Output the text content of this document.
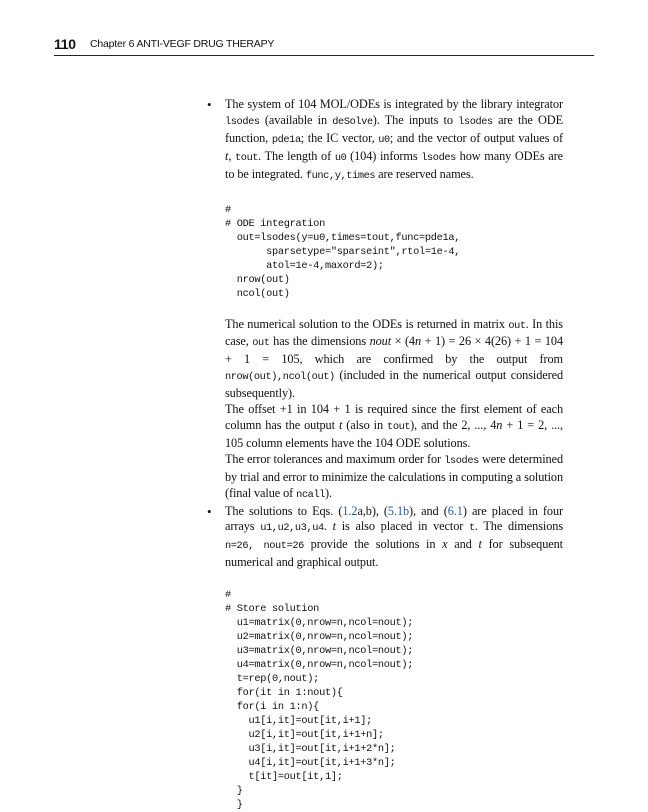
110 Chapter 6 ANTI-VEGF DRUG THERAPY
• The system of 104 MOL/ODEs is integrated by the library integrator lsodes (available in deSolve). The inputs to lsodes are the ODE function, pde1a; the IC vector, u0; and the vector of output values of t, tout. The length of u0 (104) informs lsodes how many ODEs are to be integrated. func,y,times are reserved names.

#
# ODE integration
out=lsodes(y=u0,times=tout,func=pde1a,
sparsetype="sparseint",rtol=1e-4,
atol=1e-4,maxord=2);
nrow(out)
ncol(out)

The numerical solution to the ODEs is returned in matrix out. In this case, out has the dimensions nout × (4n + 1) = 26 × 4(26) + 1 = 104 + 1 = 105, which are confirmed by the output from nrow(out),ncol(out) (included in the numerical output considered subsequently).

The offset +1 in 104 + 1 is required since the first element of each column has the output t (also in tout), and the 2, ..., 4n + 1 = 2, ..., 105 column elements have the 104 ODE solutions.

The error tolerances and maximum order for lsodes were determined by trial and error to minimize the calculations in computing a solution (final value of ncall).

• The solutions to Eqs. (1.2a,b), (5.1b), and (6.1) are placed in four arrays u1,u2,u3,u4. t is also placed in vector t. The dimensions n=26, nout=26 provide the solutions in x and t for subsequent numerical and graphical output.

#
# Store solution
u1=matrix(0,nrow=n,ncol=nout);
u2=matrix(0,nrow=n,ncol=nout);
u3=matrix(0,nrow=n,ncol=nout);
u4=matrix(0,nrow=n,ncol=nout);
t=rep(0,nout);
for(it in 1:nout){
for(i in 1:n){
u1[i,it]=out[it,i+1];
u2[i,it]=out[it,i+1+n];
u3[i,it]=out[it,i+1+2*n];
u4[i,it]=out[it,i+1+3*n];
t[it]=out[it,1];
}
}
